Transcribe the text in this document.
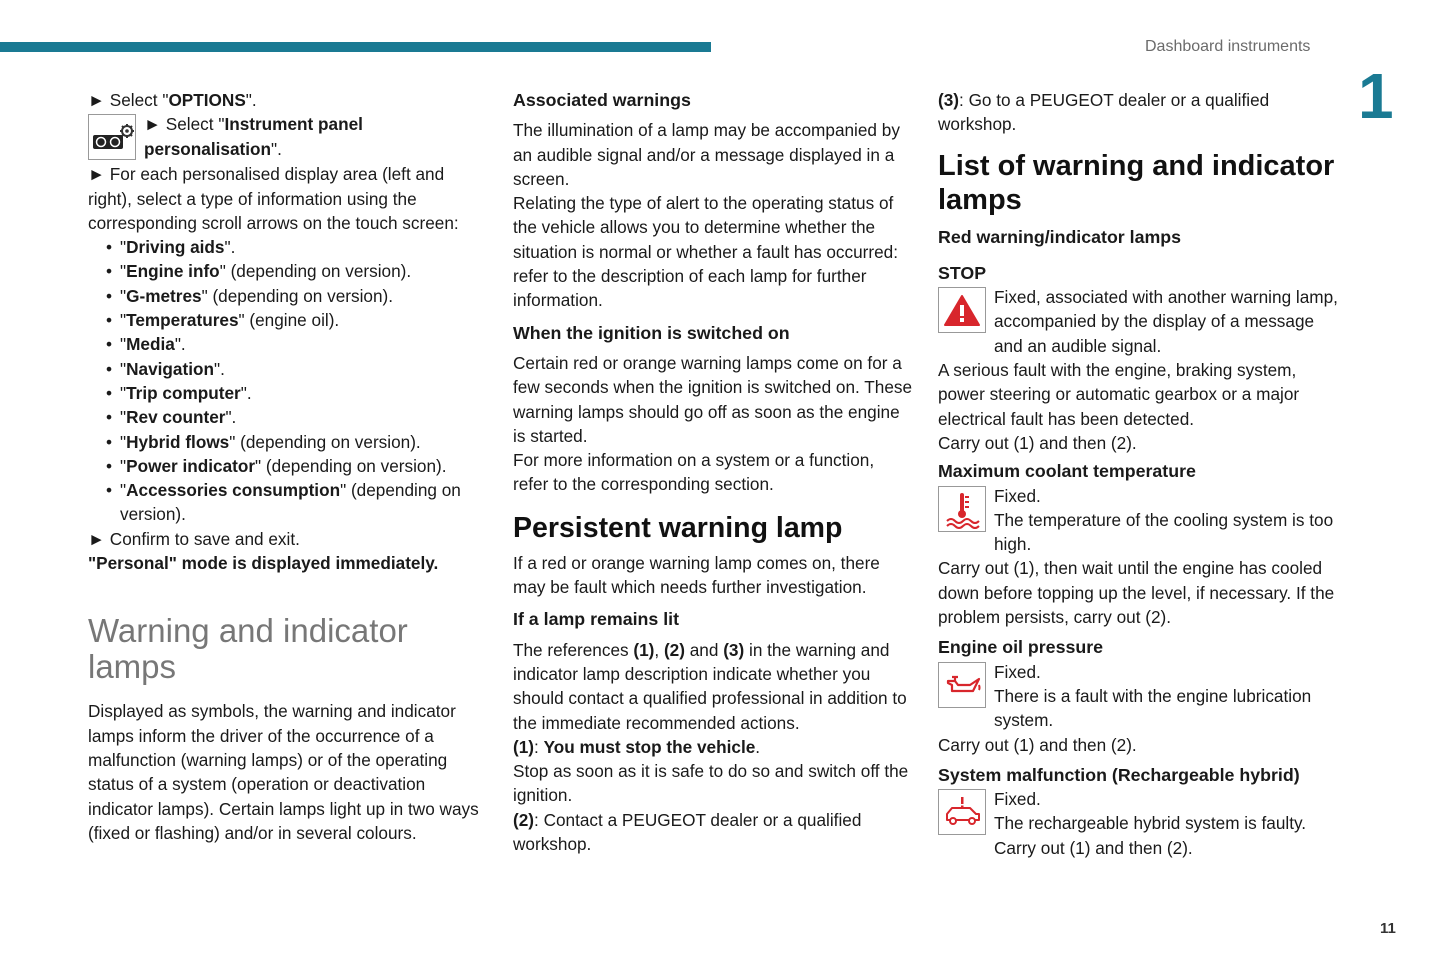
Dashboard instruments
1
11

► Select "OPTIONS".

► Select "Instrument panel personalisation".

► For each personalised display area (left and right), select a type of information using the corresponding scroll arrows on the touch screen:

• "Driving aids".
• "Engine info" (depending on version).
• "G-metres" (depending on version).
• "Temperatures" (engine oil).
• "Media".
• "Navigation".
• "Trip computer".
• "Rev counter".
• "Hybrid flows" (depending on version).
• "Power indicator" (depending on version).
• "Accessories consumption" (depending on version).

► Confirm to save and exit.

"Personal" mode is displayed immediately.

Warning and indicator lamps

Displayed as symbols, the warning and indicator lamps inform the driver of the occurrence of a malfunction (warning lamps) or of the operating status of a system (operation or deactivation indicator lamps). Certain lamps light up in two ways (fixed or flashing) and/or in several colours.

Associated warnings

The illumination of a lamp may be accompanied by an audible signal and/or a message displayed in a screen.

Relating the type of alert to the operating status of the vehicle allows you to determine whether the situation is normal or whether a fault has occurred: refer to the description of each lamp for further information.

When the ignition is switched on

Certain red or orange warning lamps come on for a few seconds when the ignition is switched on. These warning lamps should go off as soon as the engine is started.

For more information on a system or a function, refer to the corresponding section.

Persistent warning lamp

If a red or orange warning lamp comes on, there may be fault which needs further investigation.

If a lamp remains lit

The references (1), (2) and (3) in the warning and indicator lamp description indicate whether you should contact a qualified professional in addition to the immediate recommended actions.

(1): You must stop the vehicle.

Stop as soon as it is safe to do so and switch off the ignition.

(2): Contact a PEUGEOT dealer or a qualified workshop.

(3): Go to a PEUGEOT dealer or a qualified workshop.

List of warning and indicator lamps

Red warning/indicator lamps

STOP

Fixed, associated with another warning lamp, accompanied by the display of a message and an audible signal.

A serious fault with the engine, braking system, power steering or automatic gearbox or a major electrical fault has been detected.

Carry out (1) and then (2).

Maximum coolant temperature

Fixed.

The temperature of the cooling system is too high.

Carry out (1), then wait until the engine has cooled down before topping up the level, if necessary. If the problem persists, carry out (2).

Engine oil pressure

Fixed.

There is a fault with the engine lubrication system.

Carry out (1) and then (2).

System malfunction (Rechargeable hybrid)

Fixed.

The rechargeable hybrid system is faulty.

Carry out (1) and then (2).
